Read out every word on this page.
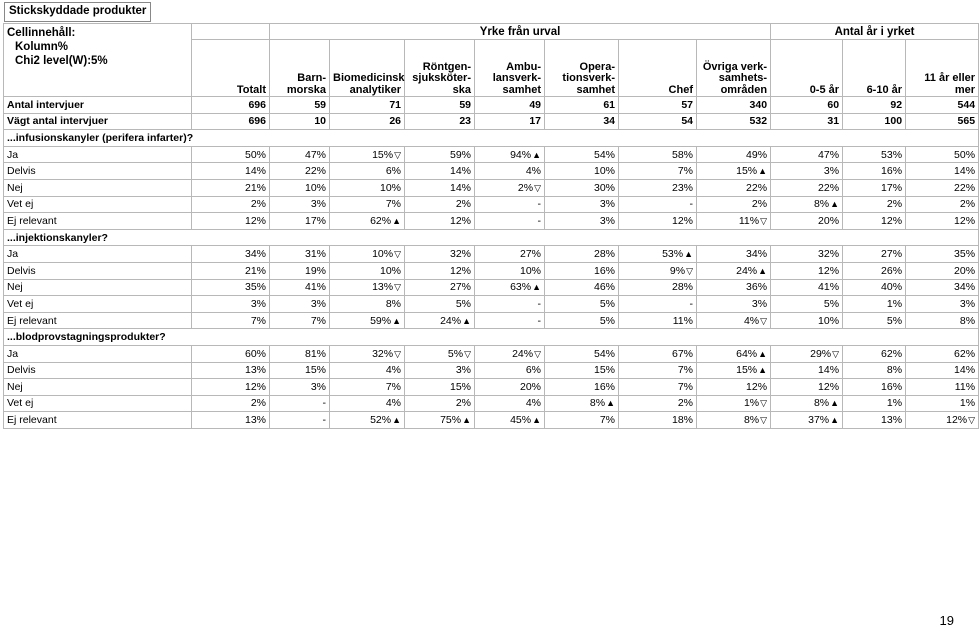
Stickskyddade produkter
Cellinnehåll:
Kolumn%
Chi2 level(W):5%		Yrke från urval							Antal år i yrket		
	Totalt	Barn-morska	Biomedicinsk analytiker	Röntgen-sjuksköter-ska	Ambu-lansverk-samhet	Opera-tionsverk-samhet	Chef	Övriga verk-samhets-områden	0-5 år	6-10 år	11 år eller mer
Antal intervjuer	696	59	71	59	49	61	57	340	60	92	544
Vägt antal intervjuer	696	10	26	23	17	34	54	532	31	100	565
...infusionskanyler (perifera infarter)?											
Ja	50%	47%	15%▽	59%	94%▲	54%	58%	49%	47%	53%	50%
Delvis	14%	22%	6%	14%	4%	10%	7%	15%▲	3%	16%	14%
Nej	21%	10%	10%	14%	2%▽	30%	23%	22%	22%	17%	22%
Vet ej	2%	3%	7%	2%	-	3%	-	2%	8%▲	2%	2%
Ej relevant	12%	17%	62%▲	12%	-	3%	12%	11%▽	20%	12%	12%
...injektionskanyler?											
Ja	34%	31%	10%▽	32%	27%	28%	53%▲	34%	32%	27%	35%
Delvis	21%	19%	10%	12%	10%	16%	9%▽	24%▲	12%	26%	20%
Nej	35%	41%	13%▽	27%	63%▲	46%	28%	36%	41%	40%	34%
Vet ej	3%	3%	8%	5%	-	5%	-	3%	5%	1%	3%
Ej relevant	7%	7%	59%▲	24%▲	-	5%	11%	4%▽	10%	5%	8%
...blodprovstagningsprodukter?											
Ja	60%	81%	32%▽	5%▽	24%▽	54%	67%	64%▲	29%▽	62%	62%
Delvis	13%	15%	4%	3%	6%	15%	7%	15%▲	14%	8%	14%
Nej	12%	3%	7%	15%	20%	16%	7%	12%	12%	16%	11%
Vet ej	2%	-	4%	2%	4%	8%▲	2%	1%▽	8%▲	1%	1%
Ej relevant	13%	-	52%▲	75%▲	45%▲	7%	18%	8%▽	37%▲	13%	12%▽
19
